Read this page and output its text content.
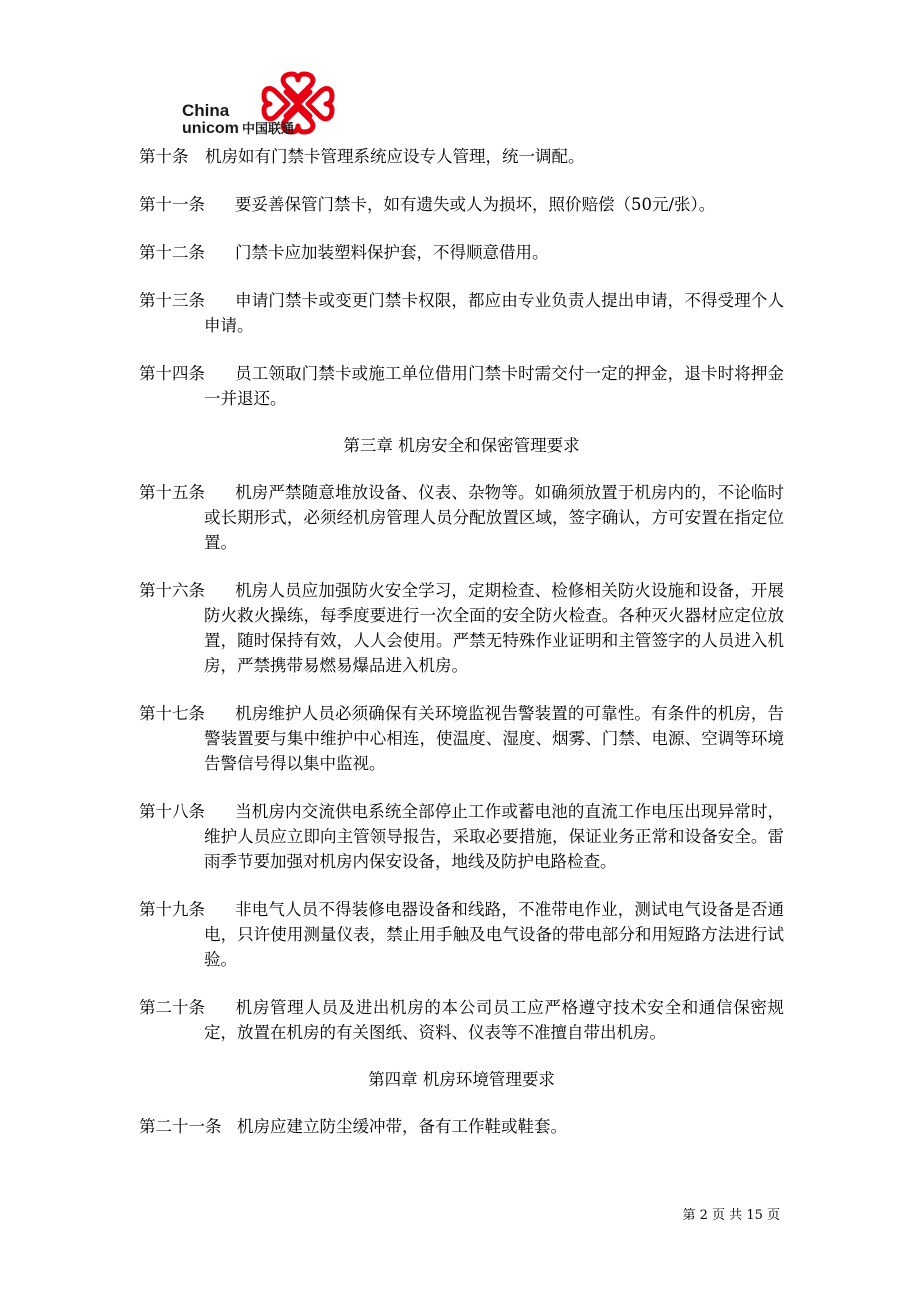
China
unicom 中国联通

第十条 机房如有门禁卡管理系统应设专人管理，统一调配。

第十一条 要妥善保管门禁卡，如有遗失或人为损坏，照价赔偿（50元/张）。

第十二条 门禁卡应加装塑料保护套，不得顺意借用。

第十三条 申请门禁卡或变更门禁卡权限，都应由专业负责人提出申请，不得受理个人申请。

第十四条 员工领取门禁卡或施工单位借用门禁卡时需交付一定的押金，退卡时将押金一并退还。

第三章 机房安全和保密管理要求

第十五条 机房严禁随意堆放设备、仪表、杂物等。如确须放置于机房内的，不论临时或长期形式，必须经机房管理人员分配放置区域，签字确认，方可安置在指定位置。

第十六条 机房人员应加强防火安全学习，定期检查、检修相关防火设施和设备，开展防火救火操练，每季度要进行一次全面的安全防火检查。各种灭火器材应定位放置，随时保持有效，人人会使用。严禁无特殊作业证明和主管签字的人员进入机房，严禁携带易燃易爆品进入机房。

第十七条 机房维护人员必须确保有关环境监视告警装置的可靠性。有条件的机房，告警装置要与集中维护中心相连，使温度、湿度、烟雾、门禁、电源、空调等环境告警信号得以集中监视。

第十八条 当机房内交流供电系统全部停止工作或蓄电池的直流工作电压出现异常时，维护人员应立即向主管领导报告，采取必要措施，保证业务正常和设备安全。雷雨季节要加强对机房内保安设备，地线及防护电路检查。

第十九条 非电气人员不得装修电器设备和线路，不准带电作业，测试电气设备是否通电，只许使用测量仪表，禁止用手触及电气设备的带电部分和用短路方法进行试验。

第二十条 机房管理人员及进出机房的本公司员工应严格遵守技术安全和通信保密规定，放置在机房的有关图纸、资料、仪表等不准擅自带出机房。

第四章 机房环境管理要求

第二十一条 机房应建立防尘缓冲带，备有工作鞋或鞋套。

第 2 页 共 15 页
